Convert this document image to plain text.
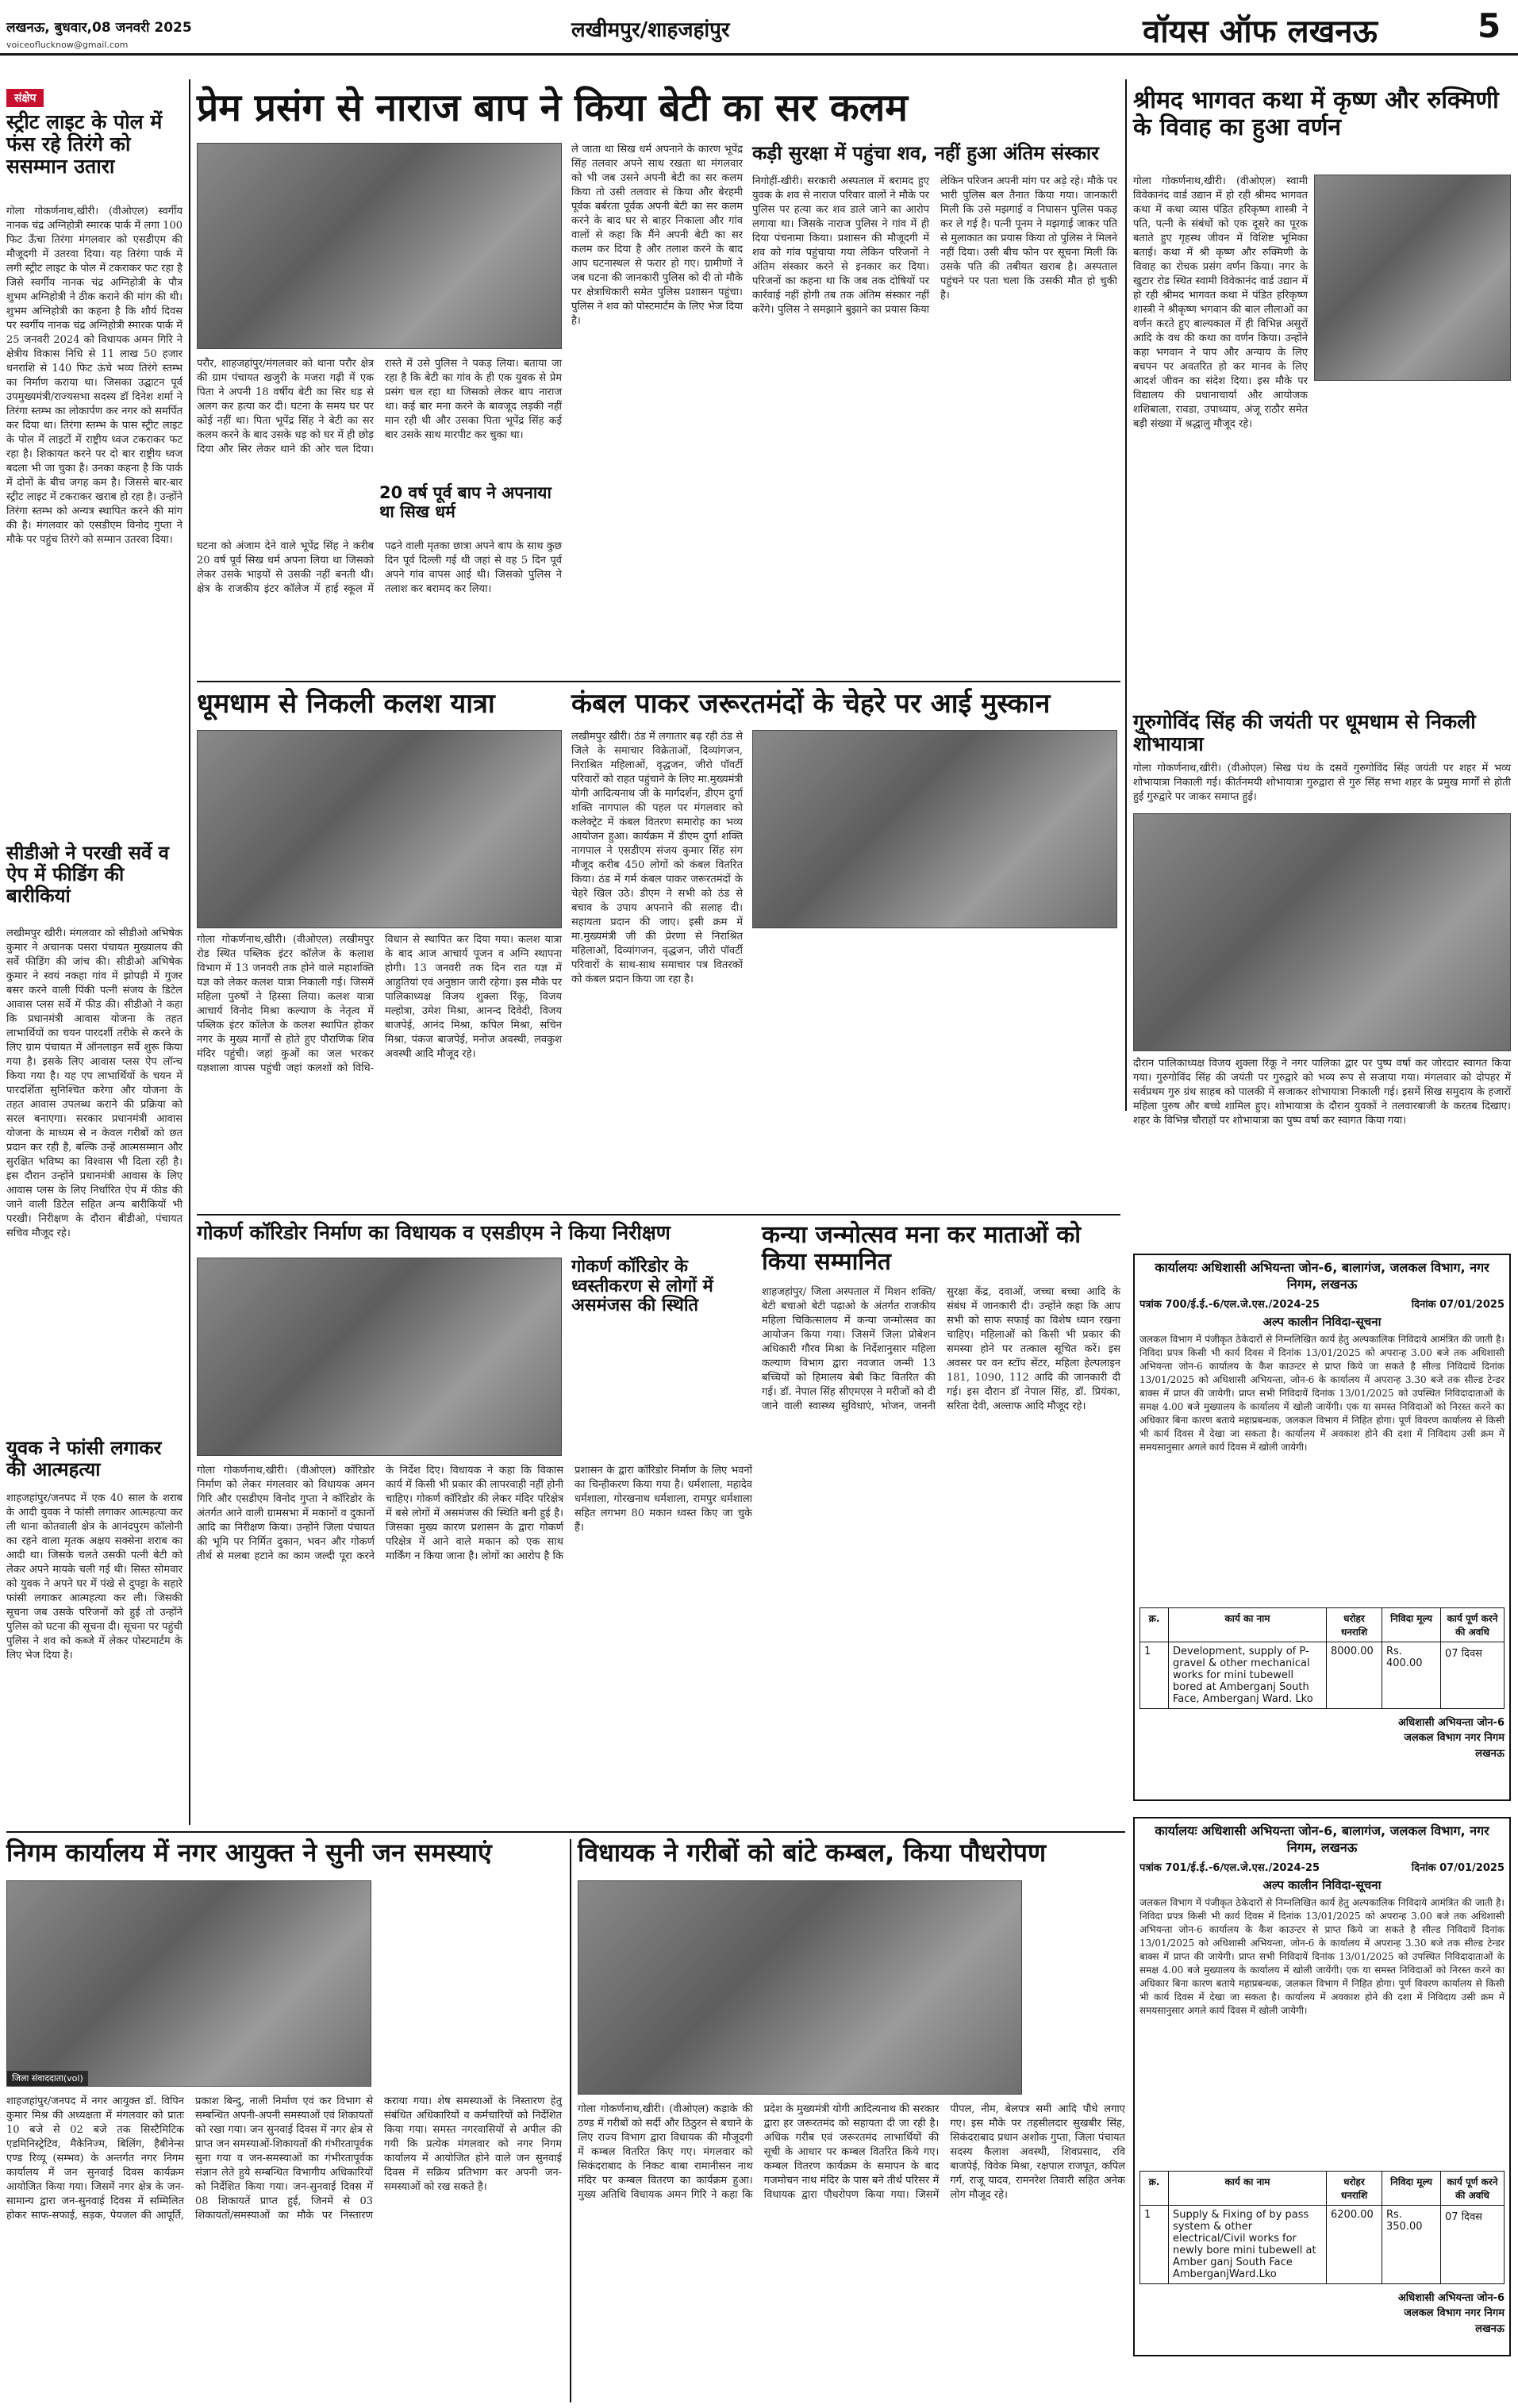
लखनऊ, बुधवार,08 जनवरी 2025
voiceoflucknow@gmail.com
लखीमपुर/शाहजहांपुर	वॉयस ऑफ लखनऊ	5
संक्षेप
स्ट्रीट लाइट के पोल में फंस रहे तिरंगे को ससम्मान उतारा
गोला गोकर्णनाथ,खीरी। (वीओएल) स्वर्गीय नानक चंद्र अग्निहोत्री स्मारक पार्क में लगा 100 फिट ऊँचा तिरंगा मंगलवार को एसडीएम की मौजूदगी में उतरवा दिया। यह तिरंगा पार्क में लगी स्ट्रीट लाइट के पोल में टकराकर फट रहा है जिसे स्वर्गीय नानक चंद्र अग्निहोत्री के पौत्र शुभम अग्निहोत्री ने ठीक कराने की मांग की थी। शुभम अग्निहोत्री का कहना है कि शौर्य दिवस पर स्वर्गीय नानक चंद्र अग्निहोत्री स्मारक पार्क में 25 जनवरी 2024 को विधायक अमन गिरि ने क्षेत्रीय विकास निधि से 11 लाख 50 हजार धनराशि से 140 फिट ऊंचे भव्य तिरंगे स्तम्भ का निर्माण कराया था। जिसका उद्घाटन पूर्व उपमुख्यमंत्री/राज्यसभा सदस्य डॉ दिनेश शर्मा ने तिरंगा स्तम्भ का लोकार्पण कर नगर को समर्पित कर दिया था। तिरंगा स्तम्भ के पास स्ट्रीट लाइट के पोल में लाइटों में राष्ट्रीय ध्वज टकराकर फट रहा है। शिकायत करने पर दो बार राष्ट्रीय ध्वज बदला भी जा चुका है। उनका कहना है कि पार्क में दोनों के बीच जगह कम है। जिससे बार-बार स्ट्रीट लाइट में टकराकर खराब हो रहा है। उन्होंने तिरंगा स्तम्भ को अन्यत्र स्थापित करने की मांग की है। मंगलवार को एसडीएम विनोद गुप्ता ने मौके पर पहुंच तिरंगे को सम्मान उतरवा दिया।
सीडीओ ने परखी सर्वे व ऐप में फीडिंग की बारीकियां
लखीमपुर खीरी। मंगलवार को सीडीओ अभिषेक कुमार ने अचानक पसरा पंचायत मुख्यालय की सर्वे फीडिंग की जांच की। सीडीओ अभिषेक कुमार ने स्वयं नकहा गांव में झोपड़ी में गुजर बसर करने वाली पिंकी पत्नी संजय के डिटेल आवास प्लस सर्वे में फीड की। सीडीओ ने कहा कि प्रधानमंत्री आवास योजना के तहत लाभार्थियों का चयन पारदर्शी तरीके से करने के लिए ग्राम पंचायत में ऑनलाइन सर्वे शुरू किया गया है। इसके लिए आवास प्लस ऐप लॉन्च किया गया है। यह एप लाभार्थियों के चयन में पारदर्शिता सुनिश्चित करेगा और योजना के तहत आवास उपलब्ध कराने की प्रक्रिया को सरल बनाएगा। सरकार प्रधानमंत्री आवास योजना के माध्यम से न केवल गरीबों को छत प्रदान कर रही है, बल्कि उन्हें आत्मसम्मान और सुरक्षित भविष्य का विश्वास भी दिला रही है। इस दौरान उन्होंने प्रधानमंत्री आवास के लिए आवास प्लस के लिए निर्धारित ऐप में फीड की जाने वाली डिटेल सहित अन्य बारीकियों भी परखी। निरीक्षण के दौरान बीडीओ, पंचायत सचिव मौजूद रहे।
युवक ने फांसी लगाकर की आत्महत्या
शाहजहांपुर/जनपद में एक 40 साल के शराब के आदी युवक ने फांसी लगाकर आत्महत्या कर ली थाना कोतवाली क्षेत्र के आनंदपुरम कॉलोनी का रहने वाला मृतक अक्षय सक्सेना शराब का आदी था। जिसके चलते उसकी पत्नी बेटी को लेकर अपने मायके चली गई थी। सिस्त सोमवार को युवक ने अपने घर में पंखे से दुपट्टा के सहारे फांसी लगाकर आत्महत्या कर ली। जिसकी सूचना जब उसके परिजनों को हुई तो उन्होंने पुलिस को घटना की सूचना दी। सूचना पर पहुंची पुलिस ने शव को कब्जे में लेकर पोस्टमार्टम के लिए भेज दिया है।
प्रेम प्रसंग से नाराज बाप ने किया बेटी का सर कलम
परौर, शाहजहांपुर/मंगलवार को थाना परौर क्षेत्र की ग्राम पंचायत खजुरी के मजरा गढ़ी में एक पिता ने अपनी 18 वर्षीय बेटी का सिर धड़ से अलग कर हत्या कर दी। घटना के समय घर पर कोई नहीं था। पिता भूपेंद्र सिंह ने बेटी का सर कलम करने के बाद उसके धड़ को घर में ही छोड़ दिया और सिर लेकर थाने की ओर चल दिया। रास्ते में उसे पुलिस ने पकड़ लिया। बताया जा रहा है कि बेटी का गांव के ही एक युवक से प्रेम प्रसंग चल रहा था जिसको लेकर बाप नाराज था। कई बार मना करने के बावजूद लड़की नहीं मान रही थी और उसका पिता भूपेंद्र सिंह कई बार उसके साथ मारपीट कर चुका था।
20 वर्ष पूर्व बाप ने अपनाया था सिख धर्म
घटना को अंजाम देने वाले भूपेंद्र सिंह ने करीब 20 वर्ष पूर्व सिख धर्म अपना लिया था जिसको लेकर उसके भाइयों से उसकी नहीं बनती थी। क्षेत्र के राजकीय इंटर कॉलेज में हाई स्कूल में पढ़ने वाली मृतका छात्रा अपने बाप के साथ कुछ दिन पूर्व दिल्ली गई थी जहां से वह 5 दिन पूर्व अपने गांव वापस आई थी। जिसको पुलिस ने तलाश कर बरामद कर लिया।
ले जाता था सिख धर्म अपनाने के कारण भूपेंद्र सिंह तलवार अपने साथ रखता था मंगलवार को भी जब उसने अपनी बेटी का सर कलम किया तो उसी तलवार से किया और बेरहमी पूर्वक बर्बरता पूर्वक अपनी बेटी का सर कलम करने के बाद घर से बाहर निकाला और गांव वालों से कहा कि मैंने अपनी बेटी का सर कलम कर दिया है और तलाश करने के बाद आप घटनास्थल से फरार हो गए। ग्रामीणों ने जब घटना की जानकारी पुलिस को दी तो मौके पर क्षेत्राधिकारी समेत पुलिस प्रशासन पहुंचा। पुलिस ने शव को पोस्टमार्टम के लिए भेज दिया है।
कड़ी सुरक्षा में पहुंचा शव, नहीं हुआ अंतिम संस्कार
निगोहीं-खीरी। सरकारी अस्पताल में बरामद हुए युवक के शव से नाराज परिवार वालों ने मौके पर पुलिस पर हत्या कर शव डाले जाने का आरोप लगाया था। जिसके नाराज पुलिस ने गांव में ही दिया पंचनामा किया। प्रशासन की मौजूदगी में शव को गांव पहुंचाया गया लेकिन परिजनों ने अंतिम संस्कार करने से इनकार कर दिया। परिजनों का कहना था कि जब तक दोषियों पर कार्रवाई नहीं होगी तब तक अंतिम संस्कार नहीं करेंगे। पुलिस ने समझाने बुझाने का प्रयास किया लेकिन परिजन अपनी मांग पर अड़े रहे। मौके पर भारी पुलिस बल तैनात किया गया। जानकारी मिली कि उसे मझगाई व निघासन पुलिस पकड़ कर ले गई है। पत्नी पूनम ने मझगाई जाकर पति से मुलाकात का प्रयास किया तो पुलिस ने मिलने नहीं दिया। उसी बीच फोन पर सूचना मिली कि उसके पति की तबीयत खराब है। अस्पताल पहुंचने पर पता चला कि उसकी मौत हो चुकी है।
श्रीमद भागवत कथा में कृष्ण और रुक्मिणी के विवाह का हुआ वर्णन
गोला गोकर्णनाथ,खीरी। (वीओएल) स्वामी विवेकानंद वार्ड उद्यान में हो रही श्रीमद भागवत कथा में कथा व्यास पंडित हरिकृष्ण शास्त्री ने पति, पत्नी के संबंधों को एक दूसरे का पूरक बताते हुए गृहस्थ जीवन में विशिष्ट भूमिका बताई। कथा में श्री कृष्ण और रुक्मिणी के विवाह का रोचक प्रसंग वर्णन किया। नगर के खुटार रोड स्थित स्वामी विवेकानंद वार्ड उद्यान में हो रही श्रीमद भागवत कथा में पंडित हरिकृष्ण शास्त्री ने श्रीकृष्ण भगवान की बाल लीलाओं का वर्णन करते हुए बाल्यकाल में ही विभिन्न असुरों आदि के वध की कथा का वर्णन किया। उन्होंने कहा भगवान ने पाप और अन्याय के लिए बचपन पर अवतरित हो कर मानव के लिए आदर्श जीवन का संदेश दिया। इस मौके पर विद्यालय की प्रधानाचार्या और आयोजक शशिबाला, रावडा, उपाध्याय, अंजू राठौर समेत बड़ी संख्या में श्रद्धालु मौजूद रहे।
गुरुगोविंद सिंह की जयंती पर धूमधाम से निकली शोभायात्रा
गोला गोकर्णनाथ,खीरी। (वीओएल) सिख पंथ के दसवें गुरुगोविंद सिंह जयंती पर शहर में भव्य शोभायात्रा निकाली गई। कीर्तनमयी शोभायात्रा गुरुद्वारा से गुरु सिंह सभा शहर के प्रमुख मार्गों से होती हुई गुरुद्वारे पर जाकर समाप्त हुई।
दौरान पालिकाध्यक्ष विजय शुक्ला रिंकू ने नगर पालिका द्वार पर पुष्प वर्षा कर जोरदार स्वागत किया गया। गुरुगोविंद सिंह की जयंती पर गुरुद्वारे को भव्य रूप से सजाया गया। मंगलवार को दोपहर में सर्वप्रथम गुरु ग्रंथ साहब को पालकी में सजाकर शोभायात्रा निकाली गई। इसमें सिख समुदाय के हजारों महिला पुरुष और बच्चे शामिल हुए। शोभायात्रा के दौरान युवकों ने तलवारबाजी के करतब दिखाए। शहर के विभिन्न चौराहों पर शोभायात्रा का पुष्प वर्षा कर स्वागत किया गया।
धूमधाम से निकली कलश यात्रा
गोला गोकर्णनाथ,खीरी। (वीओएल) लखीमपुर रोड स्थित पब्लिक इंटर कॉलेज के कलाश विभाग में 13 जनवरी तक होने वाले महाशक्ति यज्ञ को लेकर कलश यात्रा निकाली गई। जिसमें महिला पुरुषों ने हिस्सा लिया। कलश यात्रा आचार्य विनोद मिश्रा कल्याण के नेतृत्व में पब्लिक इंटर कॉलेज के कलश स्थापित होकर नगर के मुख्य मार्गों से होते हुए पौराणिक शिव मंदिर पहुंची। जहां कुओं का जल भरकर यज्ञशाला वापस पहुंची जहां कलशों को विधि-विधान से स्थापित कर दिया गया। कलश यात्रा के बाद आज आचार्य पूजन व अग्नि स्थापना होगी। 13 जनवरी तक दिन रात यज्ञ में आहुतियां एवं अनुष्ठान जारी रहेगा। इस मौके पर पालिकाध्यक्ष विजय शुक्ला रिंकू, विजय मल्होत्रा, उमेश मिश्रा, आनन्द दिवेदी, विजय बाजपेई, आनंद मिश्रा, कपिल मिश्रा, सचिन मिश्रा, पंकज बाजपेई, मनोज अवस्थी, लवकुश अवस्थी आदि मौजूद रहे।
कंबल पाकर जरूरतमंदों के चेहरे पर आई मुस्कान
लखीमपुर खीरी। ठंड में लगातार बढ़ रही ठंड से जिले के समाचार विक्रेताओं, दिव्यांगजन, निराश्रित महिलाओं, वृद्धजन, जीरो पॉवर्टी परिवारों को राहत पहुंचाने के लिए मा.मुख्यमंत्री योगी आदित्यनाथ जी के मार्गदर्शन, डीएम दुर्गा शक्ति नागपाल की पहल पर मंगलवार को कलेक्ट्रेट में कंबल वितरण समारोह का भव्य आयोजन हुआ। कार्यक्रम में डीएम दुर्गा शक्ति नागपाल ने एसडीएम संजय कुमार सिंह संग मौजूद करीब 450 लोगों को कंबल वितरित किया। ठंड में गर्म कंबल पाकर जरूरतमंदों के चेहरे खिल उठे। डीएम ने सभी को ठंड से बचाव के उपाय अपनाने की सलाह दी। सहायता प्रदान की जाए। इसी क्रम में मा.मुख्यमंत्री जी की प्रेरणा से निराश्रित महिलाओं, दिव्यांगजन, वृद्धजन, जीरो पॉवर्टी परिवारों के साथ-साथ समाचार पत्र वितरकों को कंबल प्रदान किया जा रहा है।
गोकर्ण कॉरिडोर निर्माण का विधायक व एसडीएम ने किया निरीक्षण
गोकर्ण कॉरिडोर के ध्वस्तीकरण से लोगों में असमंजस की स्थिति
गोला गोकर्णनाथ,खीरी। (वीओएल) कॉरिडोर निर्माण को लेकर मंगलवार को विधायक अमन गिरि और एसडीएम विनोद गुप्ता ने कॉरिडोर के अंतर्गत आने वाली ग्रामसभा में मकानों व दुकानों आदि का निरीक्षण किया। उन्होंने जिला पंचायत की भूमि पर निर्मित दुकान, भवन और गोकर्ण तीर्थ से मलबा हटाने का काम जल्दी पूरा करने के निर्देश दिए। विधायक ने कहा कि विकास कार्य में किसी भी प्रकार की लापरवाही नहीं होनी चाहिए। गोकर्ण कॉरिडोर की लेकर मंदिर परिक्षेत्र में बसे लोगों में असमंजस की स्थिति बनी हुई है। जिसका मुख्य कारण प्रशासन के द्वारा गोकर्ण परिक्षेत्र में आने वाले मकान को एक साथ मार्किंग न किया जाना है। लोगों का आरोप है कि प्रशासन के द्वारा कॉरिडोर निर्माण के लिए भवनों का चिन्हीकरण किया गया है। धर्मशाला, महादेव धर्मशाला, गोरखनाथ धर्मशाला, रामपुर धर्मशाला सहित लगभग 80 मकान ध्वस्त किए जा चुके हैं।
कन्या जन्मोत्सव मना कर माताओं को किया सम्मानित
शाहजहांपुर/ जिला अस्पताल में मिशन शक्ति/बेटी बचाओ बेटी पढ़ाओ के अंतर्गत राजकीय महिला चिकित्सालय में कन्या जन्मोत्सव का आयोजन किया गया। जिसमें जिला प्रोबेशन अधिकारी गौरव मिश्रा के निर्देशानुसार महिला कल्याण विभाग द्वारा नवजात जन्मी 13 बच्चियों को हिमालय बेबी किट वितरित की गई। डॉ. नेपाल सिंह सीएमएस ने मरीजों को दी जाने वाली स्वास्थ्य सुविधाएं, भोजन, जननी सुरक्षा केंद्र, दवाओं, जच्चा बच्चा आदि के संबंध में जानकारी दी। उन्होंने कहा कि आप सभी को साफ सफाई का विशेष ध्यान रखना चाहिए। महिलाओं को किसी भी प्रकार की समस्या होने पर तत्काल सूचित करें। इस अवसर पर वन स्टॉप सेंटर, महिला हेल्पलाइन 181, 1090, 112 आदि की जानकारी दी गई। इस दौरान डॉ नेपाल सिंह, डॉ. प्रियंका, सरिता देवी, अल्ताफ आदि मौजूद रहे।
कार्यालयः अधिशासी अभियन्ता जोन-6, बालागंज, जलकल विभाग, नगर निगम, लखनऊ
पत्रांक 700/ई.ई.-6/एल.जे.एस./2024-25	दिनांक 07/01/2025
अल्प कालीन निविदा-सूचना
जलकल विभाग में पंजीकृत ठेकेदारों से निम्नलिखित कार्य हेतु अल्पकालिक निविदाये आमंत्रित की जाती है। निविदा प्रपत्र किसी भी कार्य दिवस में दिनांक 13/01/2025 को अपरान्ह 3.00 बजे तक अधिशासी अभियन्ता जोन-6 कार्यालय के कैश काउन्टर से प्राप्त किये जा सकते है सील्ड निविदायें दिनांक 13/01/2025 को अधिशासी अभियन्ता, जोन-6 के कार्यालय में अपरान्ह 3.30 बजे तक सील्ड टेन्डर बाक्स में प्राप्त की जायेगी। प्राप्त सभी निविदायें दिनांक 13/01/2025 को उपस्थित निविदादाताओं के समक्ष 4.00 बजे मुख्यालय के कार्यालय में खोली जायेंगी। एक या समस्त निविदाओं को निरस्त करने का अधिकार बिना कारण बताये महाप्रबन्धक, जलकल विभाग में निहित होगा। पूर्ण विवरण कार्यालय से किसी भी कार्य दिवस में देखा जा सकता है। कार्यालय में अवकाश होने की दशा में निविदाय उसी क्रम में समयसानुसार अगले कार्य दिवस में खोली जायेगी।
क्र.	कार्य का नाम	धरोहर धनराशि	निविदा मूल्य	कार्य पूर्ण करने की अवधि
1	Development, supply of P-gravel & other mechanical works for mini tubewell bored at Amberganj South Face, Amberganj Ward. Lko	8000.00	Rs. 400.00	07 दिवस
अधिशासी अभियन्ता जोन-6
जलकल विभाग नगर निगम
लखनऊ
कार्यालयः अधिशासी अभियन्ता जोन-6, बालागंज, जलकल विभाग, नगर निगम, लखनऊ
पत्रांक 701/ई.ई.-6/एल.जे.एस./2024-25	दिनांक 07/01/2025
अल्प कालीन निविदा-सूचना
जलकल विभाग में पंजीकृत ठेकेदारों से निम्नलिखित कार्य हेतु अल्पकालिक निविदाये आमंत्रित की जाती है। निविदा प्रपत्र किसी भी कार्य दिवस में दिनांक 13/01/2025 को अपरान्ह 3.00 बजे तक अधिशासी अभियन्ता जोन-6 कार्यालय के कैश काउन्टर से प्राप्त किये जा सकते है सील्ड निविदायें दिनांक 13/01/2025 को अधिशासी अभियन्ता, जोन-6 के कार्यालय में अपरान्ह 3.30 बजे तक सील्ड टेन्डर बाक्स में प्राप्त की जायेगी। प्राप्त सभी निविदायें दिनांक 13/01/2025 को उपस्थित निविदादाताओं के समक्ष 4.00 बजे मुख्यालय के कार्यालय में खोली जायेंगी। एक या समस्त निविदाओं को निरस्त करने का अधिकार बिना कारण बताये महाप्रबन्धक, जलकल विभाग में निहित होगा। पूर्ण विवरण कार्यालय से किसी भी कार्य दिवस में देखा जा सकता है। कार्यालय में अवकाश होने की दशा में निविदाय उसी क्रम में समयसानुसार अगले कार्य दिवस में खोली जायेगी।
क्र.	कार्य का नाम	धरोहर धनराशि	निविदा मूल्य	कार्य पूर्ण करने की अवधि
1	Supply & Fixing of by pass system & other electrical/Civil works for newly bore mini tubewell at Amber ganj South Face AmberganjWard.Lko	6200.00	Rs. 350.00	07 दिवस
अधिशासी अभियन्ता जोन-6
जलकल विभाग नगर निगम
लखनऊ
निगम कार्यालय में नगर आयुक्त ने सुनी जन समस्याएं
जिला संवाददाता(vol)
शाहजहांपुर/जनपद में नगर आयुक्त डॉ. विपिन कुमार मिश्र की अध्यक्षता में मंगलवार को प्रातः 10 बजे से 02 बजे तक सिस्टैमिटिक एडमिनिस्ट्रेटिव, मैकेनिज्म, बिलिंग, हैबीनेन्स एण्ड रिव्यू (सम्भव) के अन्तर्गत नगर निगम कार्यालय में जन सुनवाई दिवस कार्यक्रम आयोजित किया गया। जिसमें नगर क्षेत्र के जन-सामान्य द्वारा जन-सुनवाई दिवस में सम्मिलित होकर साफ-सफाई, सड़क, पेयजल की आपूर्ति, प्रकाश बिन्दु, नाली निर्माण एवं कर विभाग से सम्बन्धित अपनी-अपनी समस्याओं एवं शिकायतों को रखा गया। जन सुनवाई दिवस में नगर क्षेत्र से प्राप्त जन समस्याओं-शिकायतों की गंभीरतापूर्वक सुना गया व जन-समस्याओं का गंभीरतापूर्वक संज्ञान लेते हुये सम्बन्धित विभागीय अधिकारियों को निर्देशित किया गया। जन-सुनवाई दिवस में 08 शिकायतें प्राप्त हुई, जिनमें से 03 शिकायतों/समस्याओं का मौके पर निस्तारण कराया गया। शेष समस्याओं के निस्तारण हेतु संबंधित अधिकारियों व कर्मचारियों को निर्देशित किया गया। समस्त नगरवासियों से अपील की गयी कि प्रत्येक मंगलवार को नगर निगम कार्यालय में आयोजित होने वाले जन सुनवाई दिवस में सक्रिय प्रतिभाग कर अपनी जन-समस्याओं को रख सकते है।
विधायक ने गरीबों को बांटे कम्बल, किया पौधरोपण
गोला गोकर्णनाथ,खीरी। (वीओएल) कड़ाके की ठण्ड में गरीबों को सर्दी और ठिठुरन से बचाने के लिए राज्य विभाग द्वारा विधायक की मौजूदगी में कम्बल वितरित किए गए। मंगलवार को सिकंदराबाद के निकट बाबा रामानीसन नाथ मंदिर पर कम्बल वितरण का कार्यक्रम हुआ। मुख्य अतिथि विधायक अमन गिरि ने कहा कि प्रदेश के मुख्यमंत्री योगी आदित्यनाथ की सरकार द्वारा हर जरूरतमंद को सहायता दी जा रही है। अधिक गरीब एवं जरूरतमंद लाभार्थियों की सूची के आधार पर कम्बल वितरित किये गए। कम्बल वितरण कार्यक्रम के समापन के बाद गजमोचन नाथ मंदिर के पास बने तीर्थ परिसर में विधायक द्वारा पौधरोपण किया गया। जिसमें पीपल, नीम, बेलपत्र समी आदि पौधे लगाए गए। इस मौके पर तहसीलदार सुखबीर सिंह, सिकंदराबाद प्रधान अशोक गुप्ता, जिला पंचायत सदस्य कैलाश अवस्थी, शिवप्रसाद, रवि बाजपेई, विवेक मिश्रा, रक्षपाल राजपूत, कपिल गर्ग, राजू यादव, रामनरेश तिवारी सहित अनेक लोग मौजूद रहे।
